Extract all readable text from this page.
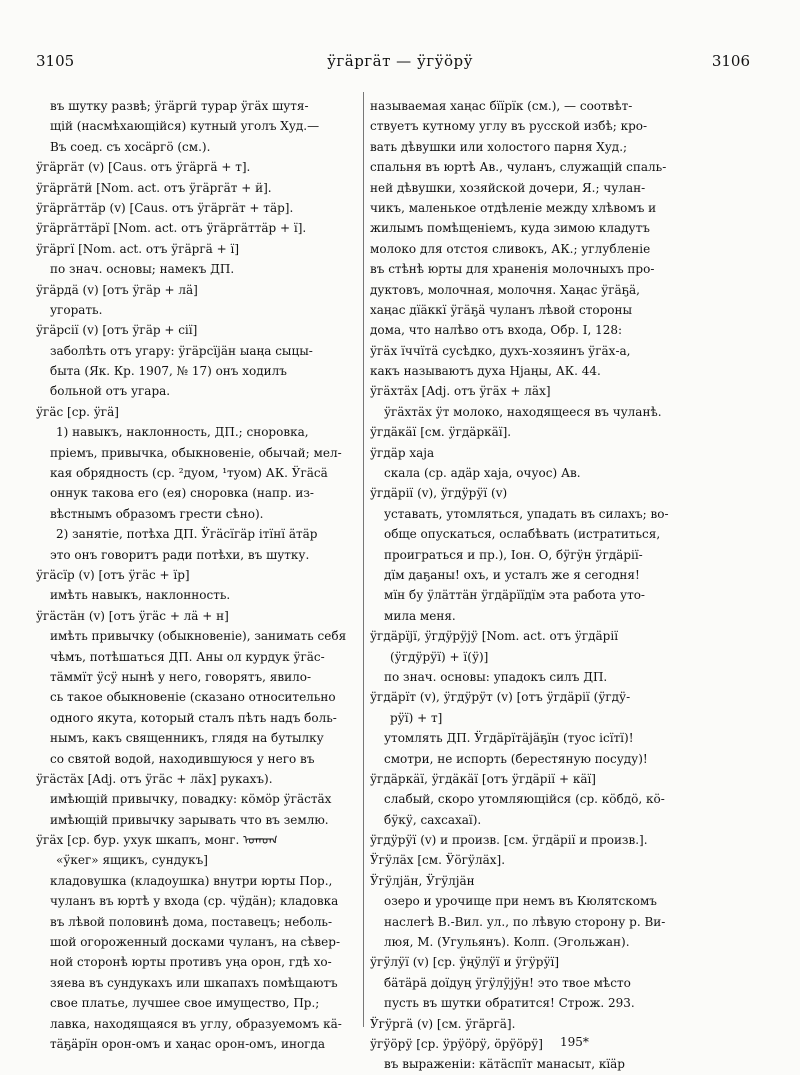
3105	ӱгӓргӓт — ӱгӱӧрӱ	3106
въ шутку развѣ; ӱгӓргӥ турар ӱгӓх шутя-
щій (насмѣхающійся) кутный уголъ Худ.—
Въ соед. съ хосӓргӧ (см.).
ӱгӓргӓт (v) [Caus. отъ ӱгӓргӓ + т].
ӱгӓргӓтӥ [Nom. act. отъ ӱгӓргӓт + ӥ].
ӱгӓргӓттӓр (v) [Caus. отъ ӱгӓргӓт + тӓр].
ӱгӓргӓттӓрї [Nom. act. отъ ӱгӓргӓттӓр + ї].
ӱгӓргї [Nom. act. отъ ӱгӓргӓ + ї]
по знач. основы; намекъ ДП.
ӱгӓрдӓ (v) [отъ ӱгӓр + лӓ]
угорать.
ӱгӓрсії (v) [отъ ӱгӓр + сії]
заболѣть отъ угару: ӱгӓрсїјӓн ыаңа сыцы-
быта (Як. Кр. 1907, № 17) онъ ходилъ
больной отъ угара.
ӱгӓс [ср. ӱгӓ]
1) навыкъ, наклонность, ДП.; сноровка,
пріемъ, привычка, обыкновеніе, обычай; мел-
кая обрядность (ср. ²дуом, ¹туом) АК. Ӱгӓсӓ
оннук такова его (ея) сноровка (напр. из-
вѣстнымъ образомъ грести сѣно).
2) занятіе, потѣха ДП. Ӱгӓсїгӓр ітїнї ӓтӓр
это онъ говоритъ ради потѣхи, въ шутку.
ӱгӓсїр (v) [отъ ӱгӓс + їр]
имѣть навыкъ, наклонность.
ӱгӓстӓн (v) [отъ ӱгӓс + лӓ + н]
имѣть привычку (обыкновеніе), занимать себя
чѣмъ, потѣшаться ДП. Аны ол курдук ӱгӓс-
тӓммїт ӱсӱ нынѣ у него, говорятъ, явило-
сь такое обыкновеніе (сказано относительно
одного якута, который сталъ пѣть надъ боль-
нымъ, какъ священникъ, глядя на бутылку
со святой водой, находившуюся у него въ
ӱгӓстӓх [Adj. отъ ӱгӓс + лӓх] рукахъ).
имѣющій привычку, повадку: кӧмӧр ӱгӓстӓх
имѣющій привычку зарывать что въ землю.
ӱгӓх [ср. бур. ухук шкапъ, монг. ᠤᠬᠤᠭ
«ӱкег» ящикъ, сундукъ]
кладовушка (кладоушка) внутри юрты Пор.,
чуланъ въ юртѣ у входа (ср. чӱдӓн); кладовка
въ лѣвой половинѣ дома, поставецъ; неболь-
шой огороженный досками чуланъ, на сѣвер-
ной сторонѣ юрты противъ уңа орон, гдѣ хо-
зяева въ сундукахъ или шкапахъ помѣщаютъ
свое платье, лучшее свое имущество, Пр.;
лавка, находящаяся въ углу, образуемомъ кӓ-
тӓҕӓрїн орон-омъ и хаңас орон-омъ, иногда
называемая хаңас бїїрїк (см.), — соотвѣт-
ствуетъ кутному углу въ русской избѣ; кро-
вать дѣвушки или холостого парня Худ.;
спальня въ юртѣ Ав., чуланъ, служащій спаль-
ней дѣвушки, хозяйской дочери, Я.; чулан-
чикъ, маленькое отдѣленіе между хлѣвомъ и
жилымъ помѣщеніемъ, куда зимою кладутъ
молоко для отстоя сливокъ, АК.; углубленіе
въ стѣнѣ юрты для храненія молочныхъ про-
дуктовъ, молочная, молочня. Хаңас ӱгӓҕӓ,
хаңас дїӓккї ӱгӓҕӓ чуланъ лѣвой стороны
дома, что налѣво отъ входа, Обр. I, 128:
ӱгӓх їччїтӓ сусѣдко, духъ-хозяинъ ӱгӓх-а,
какъ называютъ духа Нјаңы, АК. 44.
ӱгӓхтӓх [Adj. отъ ӱгӓх + лӓх]
ӱгӓхтӓх ӱт молоко, находящееся въ чуланѣ.
ӱгдӓкӓї [см. ӱгдӓркӓї].
ӱгдӓр хаја
скала (ср. адӓр хаја, очуос) Ав.
ӱгдӓрії (v), ӱгдӱрӱї (v)
уставать, утомляться, упадать въ силахъ; во-
обще опускаться, ослабѣвать (истратиться,
проиграться и пр.), Іон. О, бӱгӱн ӱгдӓрії-
дїм даҕаны! охъ, и усталъ же я сегодня!
мїн бу ӱлӓттӓн ӱгдӓрїїдїм эта работа уто-
мила меня.
ӱгдӓрїјї, ӱгдӱрӱјӱ [Nom. act. отъ ӱгдӓрії
(ӱгдӱрӱї) + ї(ӱ)]
по знач. основы: упадокъ силъ ДП.
ӱгдӓрїт (v), ӱгдӱрӱт (v) [отъ ӱгдӓрії (ӱгдӱ-
рӱї) + т]
утомлять ДП. Ӱгдӓрїтӓјӓҕїн (туос ісїтї)!
смотри, не испорть (берестяную посуду)!
ӱгдӓркӓї, ӱгдӓкӓї [отъ ӱгдӓрії + кӓї]
слабый, скоро утомляющійся (ср. кӧбдӧ, кӧ-
бӱкӱ, сахсахаї).
ӱгдӱрӱї (v) и произв. [см. ӱгдӓрії и произв.].
Ӱгӱлӓх [см. Ӱӧгӱлӓх].
Ӱгӱлјӓн, Ӱгӱлјӓн
озеро и урочище при немъ въ Кюлятскомъ
наслегѣ В.-Вил. ул., по лѣвую сторону р. Ви-
люя, М. (Угульянъ). Колп. (Эгольжан).
ӱгӱлӱї (v) [ср. ӱңӱлӱї и ӱгӱрӱї]
бӓтӓрӓ доїдуң ӱгӱлӱјӱн! это твое мѣсто
пусть въ шутки обратится! Строж. 293.
Ӱгӱргӓ (v) [см. ӱгӓргӓ].
ӱгӱӧрӱ [ср. ӱрӱӧрӱ, ӧрӱӧрӱ]
въ выраженіи: кӓтӓспїт манасыт, кїӓр
195*
